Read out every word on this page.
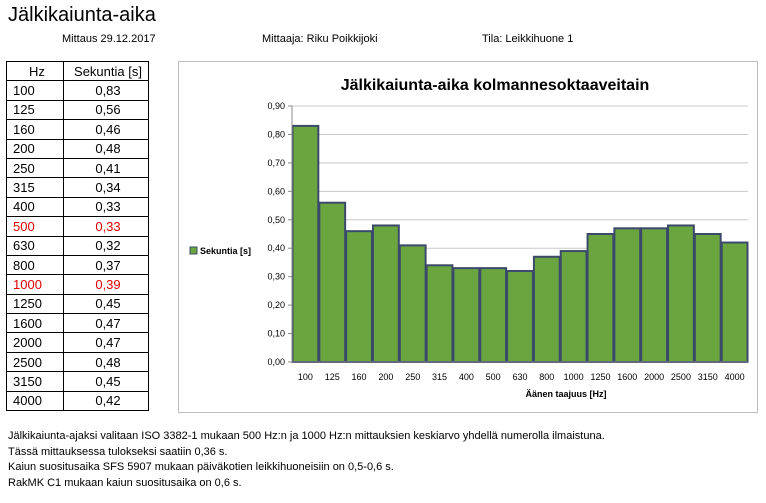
Jälkikaiunta-aika
Mittaus 29.12.2017	Mittaaja: Riku Poikkijoki	Tila: Leikkihuone 1
Hz	Sekuntia [s]
100	0,83
125	0,56
160	0,46
200	0,48
250	0,41
315	0,34
400	0,33
500	0,33
630	0,32
800	0,37
1000	0,39
1250	0,45
1600	0,47
2000	0,47
2500	0,48
3150	0,45
4000	0,42
Jälkikaiunta-aika kolmannesoktaaveitain
0,00
0,10
0,20
0,30
0,40
0,50
0,60
0,70
0,80
0,90
100 125 160 200 250 315 400 500 630 800 1000 1250 1600 2000 2500 3150 4000
Sekuntia [s]
Äänen taajuus [Hz]
Jälkikaiunta-ajaksi valitaan ISO 3382-1 mukaan 500 Hz:n ja 1000 Hz:n mittauksien keskiarvo yhdellä numerolla ilmaistuna.
Tässä mittauksessa tulokseksi saatiin 0,36 s.
Kaiun suositusaika SFS 5907 mukaan päiväkotien leikkihuoneisiin on 0,5-0,6 s.
RakMK C1 mukaan kaiun suositusaika on 0,6 s.
